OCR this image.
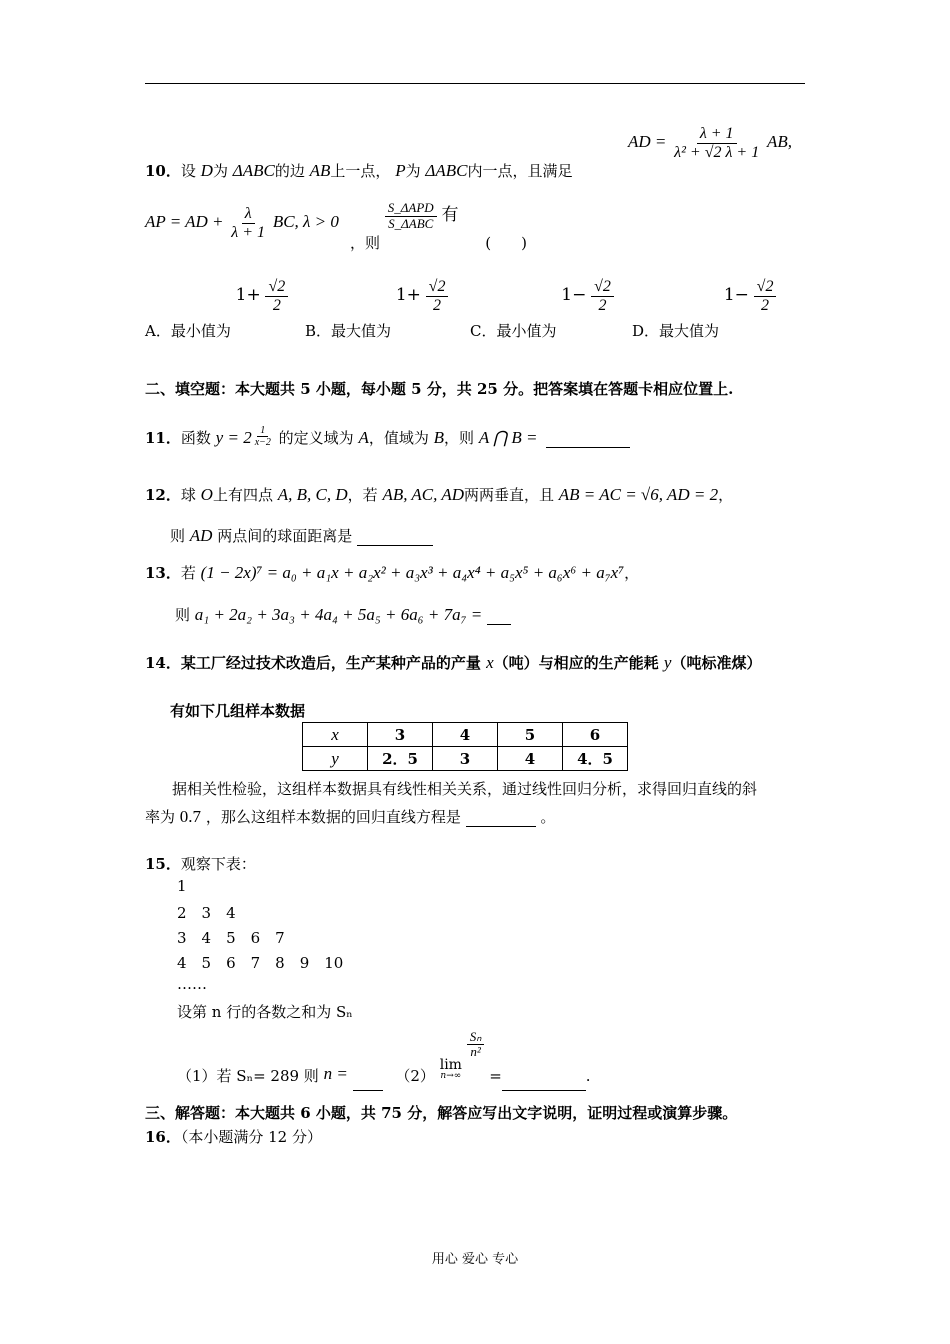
AD = $\frac{\lambda + 1}{\text{λ² + √2 λ + 1}}$ AB,
10．设 D为 ΔABC的边 AB上一点， P为 ΔABC内一点，且满足
AP = AD + $\frac{\lambda}{\lambda + 1}$ BC, λ > 0
，则
$\frac{\text{S\_ΔAPD}}{\text{S\_ΔABC}}$ 有 (　　)
A．最小值为 $1+ \frac{√2}{2}$
B．最大值为 $1+ \frac{√2}{2}$
C．最小值为 $1- \frac{√2}{2}$
D．最大值为 $1- \frac{√2}{2}$
二、填空题：本大题共 5 小题，每小题 5 分，共 25 分。把答案填在答题卡相应位置上.
11．函数 y = 2 $^{\frac{1}{x-2}}$ 的定义域为 A，值域为 B，则 A ⋂ B =
12．球 O上有四点 A, B, C, D，若 AB, AC, AD两两垂直，且 AB = AC = √6, AD = 2，
则 AD 两点间的球面距离是
13．若 (1 − 2x)⁷ = a₀ + a₁x + a₂x² + a₃x³ + a₄x⁴ + a₅x⁵ + a₆x⁶ + a₇x⁷，
则 a₁ + 2a₂ + 3a₃ + 4a₄ + 5a₅ + 6a₆ + 7a₇ =
14．某工厂经过技术改造后，生产某种产品的产量 x（吨）与相应的生产能耗 y（吨标准煤）
有如下几组样本数据
x	3	4	5	6
y	2．5	3	4	4．5
据相关性检验，这组样本数据具有线性相关关系，通过线性回归分析，求得回归直线的斜
率为 0.7 ，那么这组样本数据的回归直线方程是	。
15．观察下表：
1
2　3　4
3　4　5　6　7
4　5　6　7　8　9　10
……
设第 n 行的各数之和为 Sₙ
（1）若 Sₙ= 289 则 n =	（2）
lim
n→∞

$\frac{\text{Sₙ}}{\text{n²}}$
=	.
三、解答题：本大题共 6 小题，共 75 分，解答应写出文字说明，证明过程或演算步骤。
16．（本小题满分 12 分）
用心 爱心 专心
